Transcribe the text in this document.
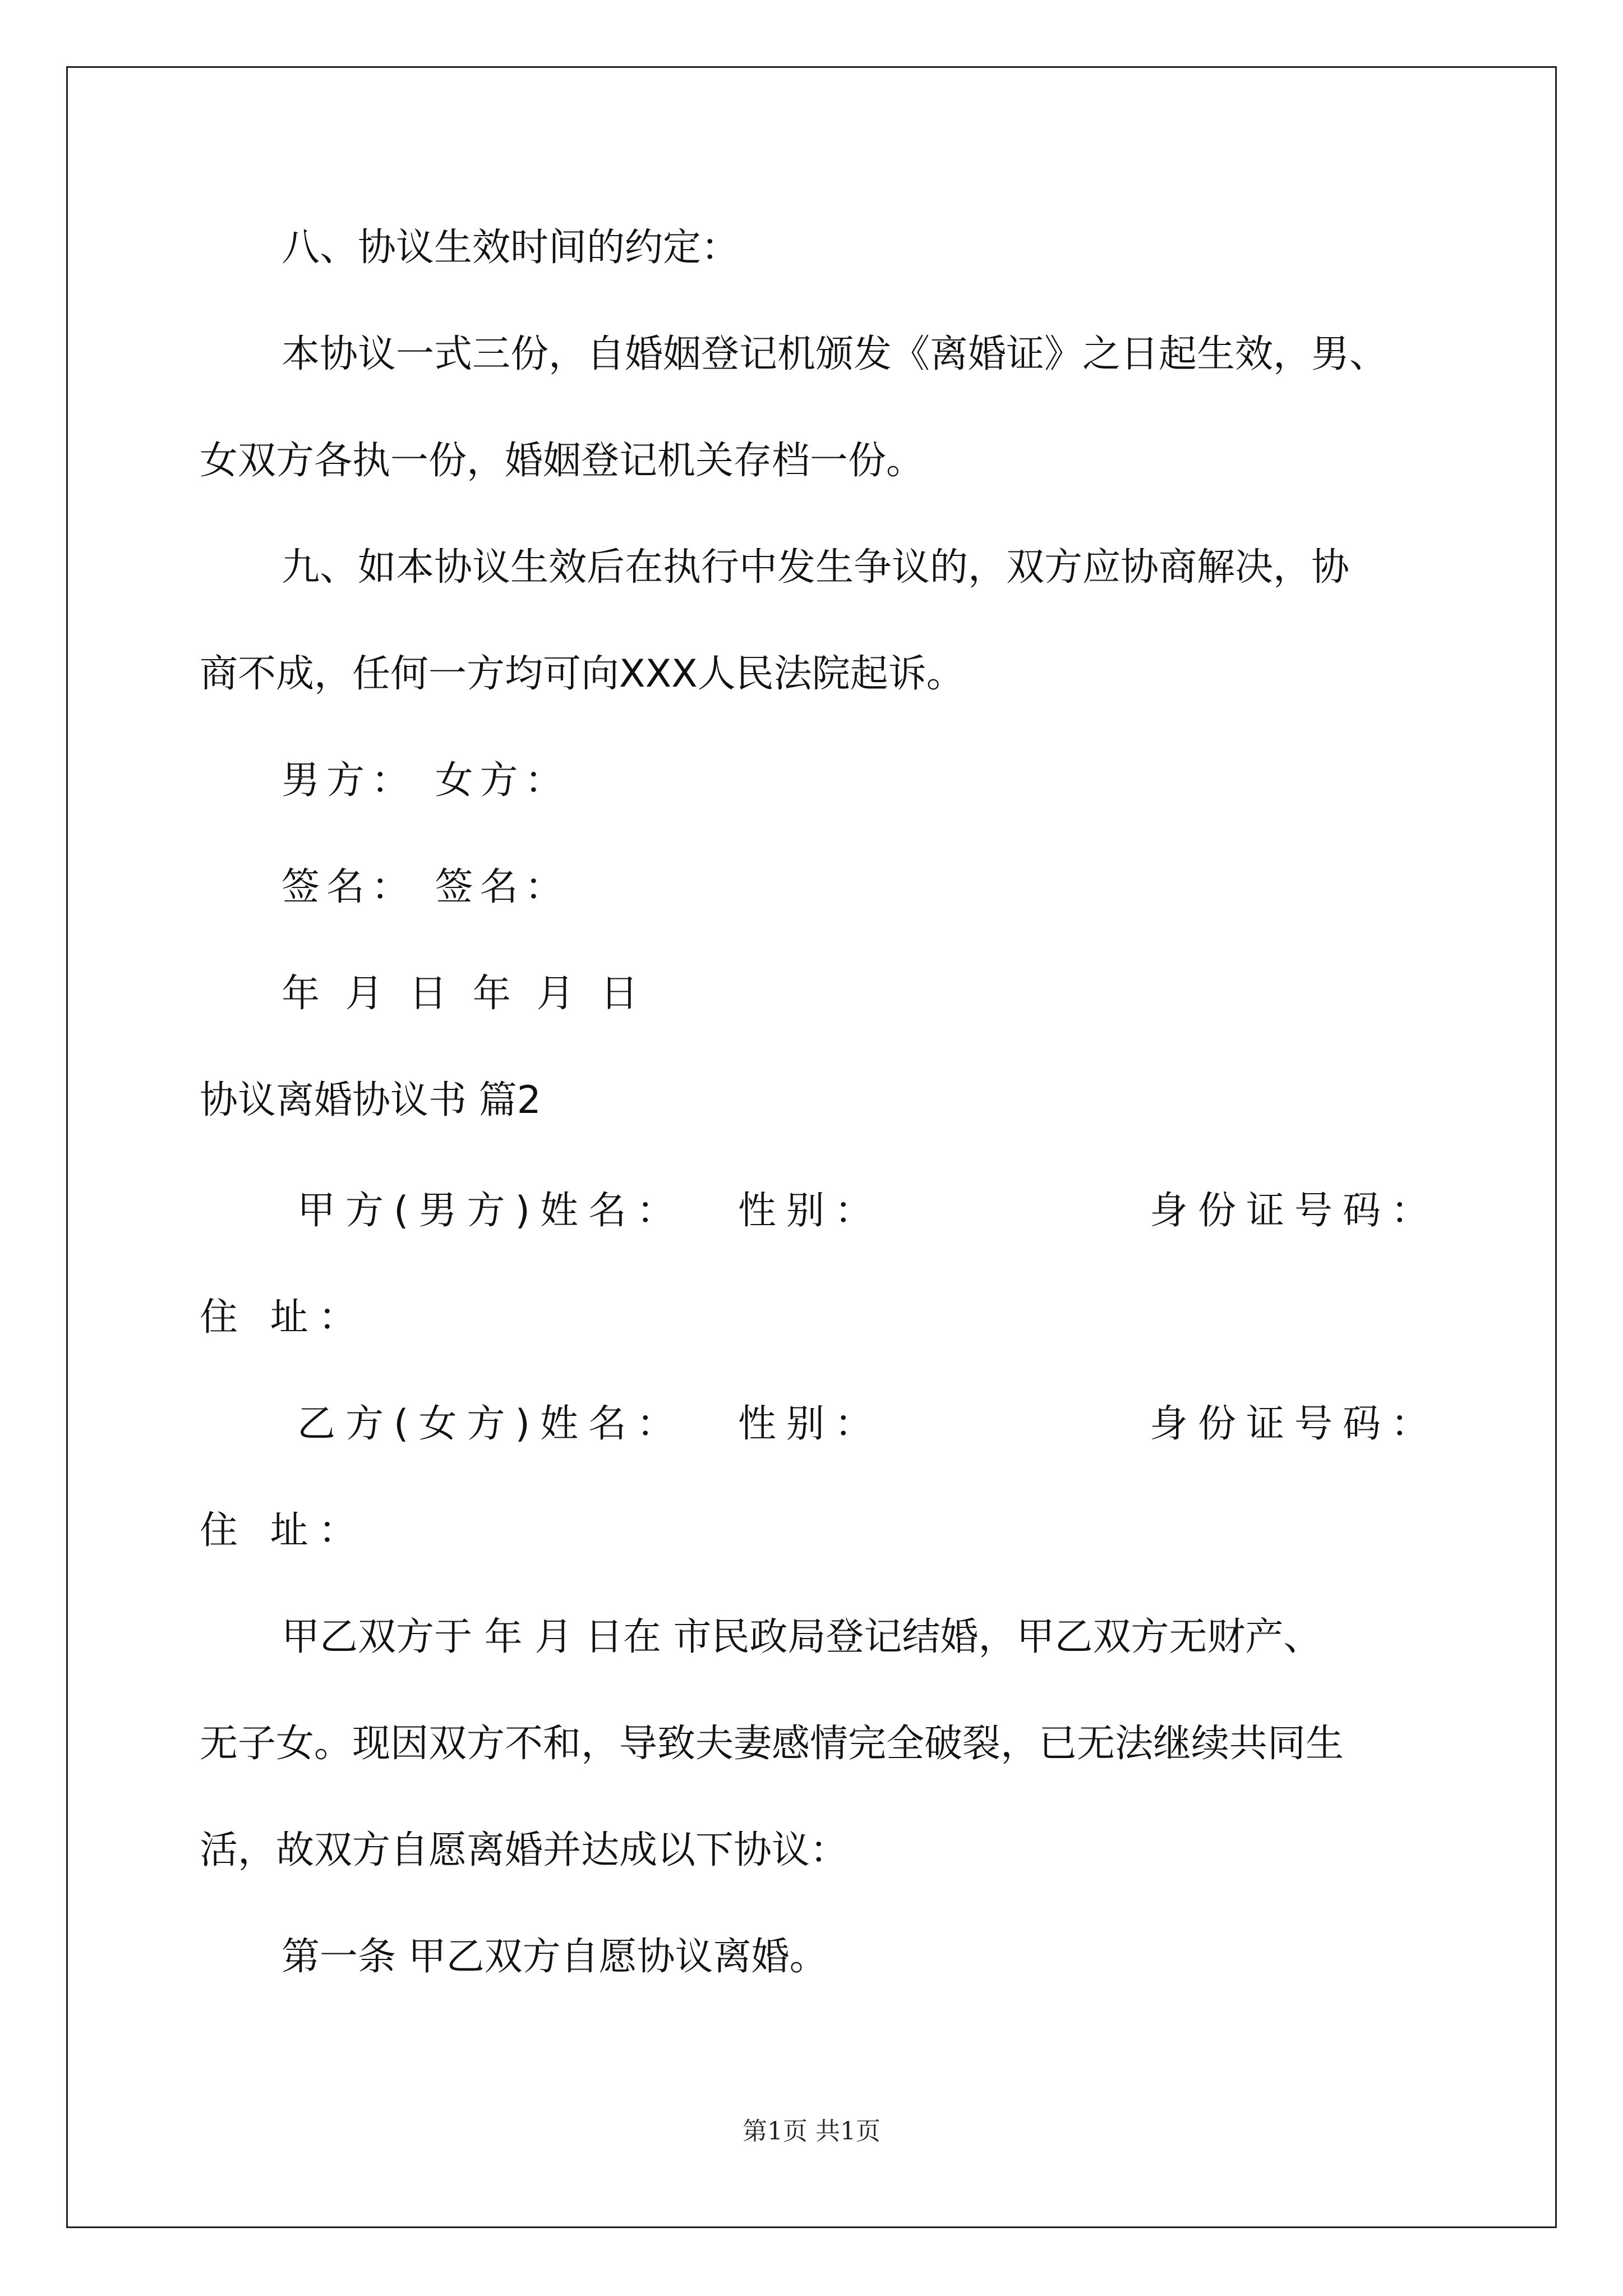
八、协议生效时间的约定：

本协议一式三份，自婚姻登记机颁发《离婚证》之日起生效，男、

女双方各执一份，婚姻登记机关存档一份。

九、如本协议生效后在执行中发生争议的，双方应协商解决，协

商不成，任何一方均可向XXX人民法院起诉。

男方： 女方：

签名： 签名：

年 月 日 年 月 日

协议离婚协议书 篇2

甲方(男方)姓名： 性别：	身份证号码：
住 址：
乙方(女方)姓名： 性别：	身份证号码：
住 址：

甲乙双方于 年 月 日在 市民政局登记结婚，甲乙双方无财产、

无子女。现因双方不和，导致夫妻感情完全破裂，已无法继续共同生

活，故双方自愿离婚并达成以下协议：

第一条 甲乙双方自愿协议离婚。

第1页 共1页
